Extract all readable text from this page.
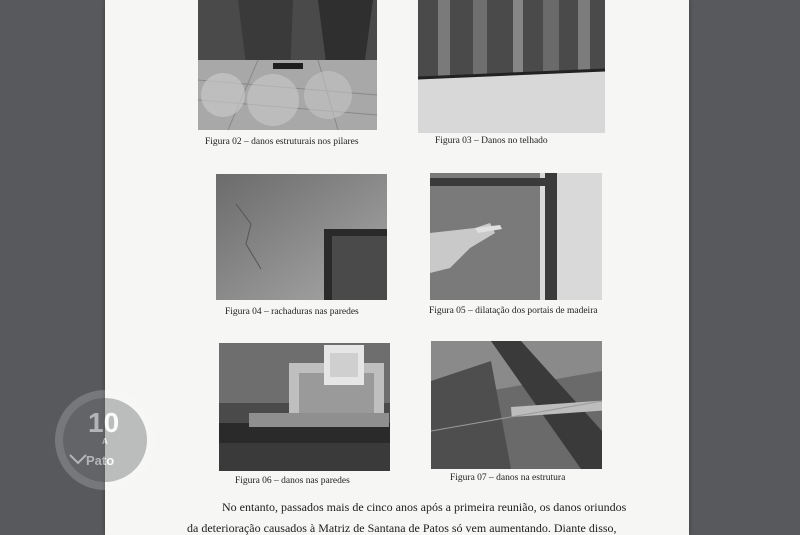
Figura 02 – danos estruturais nos pilares	Figura 03 – Danos no telhado
Figura 04 – rachaduras nas paredes	Figura 05 – dilatação dos portais de madeira
Figura 06 – danos nas paredes	Figura 07 – danos na estrutura
No entanto, passados mais de cinco anos após a primeira reunião, os danos oriundos
da deterioração causados à Matriz de Santana de Patos só vem aumentando. Diante disso,
10
A
Pato
